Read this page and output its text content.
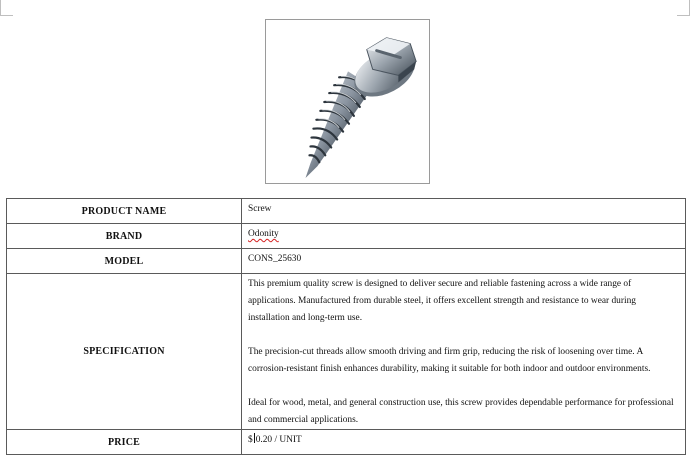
PRODUCT NAME	Screw
BRAND	Odonity
MODEL	CONS_25630
SPECIFICATION	This premium quality screw is designed to deliver secure and reliable fastening across a wide range of applications. Manufactured from durable steel, it offers excellent strength and resistance to wear during installation and long-term use.

The precision-cut threads allow smooth driving and firm grip, reducing the risk of loosening over time. A corrosion-resistant finish enhances durability, making it suitable for both indoor and outdoor environments.

Ideal for wood, metal, and general construction use, this screw provides dependable performance for professional and commercial applications.

PRICE	$ 0.20 / UNIT
